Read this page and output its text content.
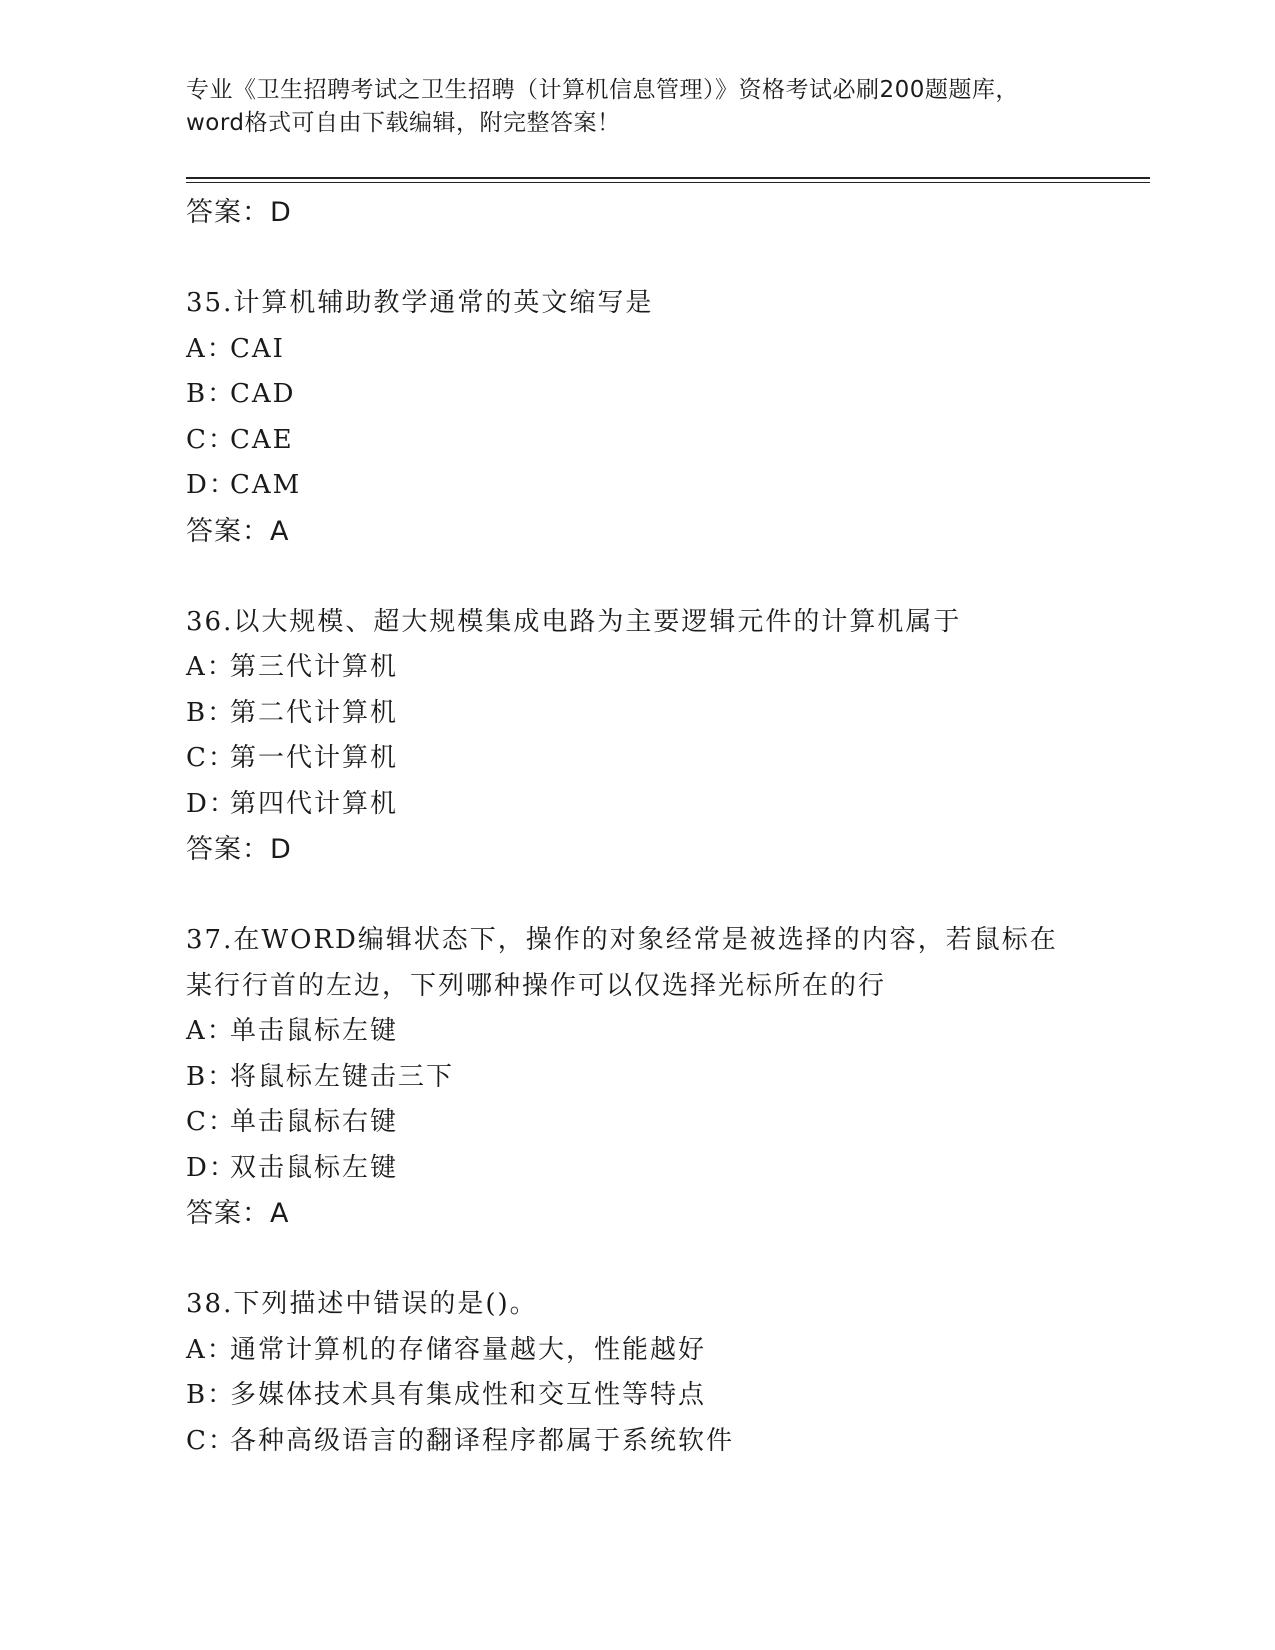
专业《卫生招聘考试之卫生招聘（计算机信息管理）》资格考试必刷200题题库，
word格式可自由下载编辑，附完整答案！
答案：D
35.计算机辅助教学通常的英文缩写是
A：CAI
B：CAD
C：CAE
D：CAM
答案：A
36.以大规模、超大规模集成电路为主要逻辑元件的计算机属于
A：第三代计算机
B：第二代计算机
C：第一代计算机
D：第四代计算机
答案：D
37.在WORD编辑状态下，操作的对象经常是被选择的内容，若鼠标在
某行行首的左边，下列哪种操作可以仅选择光标所在的行
A：单击鼠标左键
B：将鼠标左键击三下
C：单击鼠标右键
D：双击鼠标左键
答案：A
38.下列描述中错误的是()。
A：通常计算机的存储容量越大，性能越好
B：多媒体技术具有集成性和交互性等特点
C：各种高级语言的翻译程序都属于系统软件
